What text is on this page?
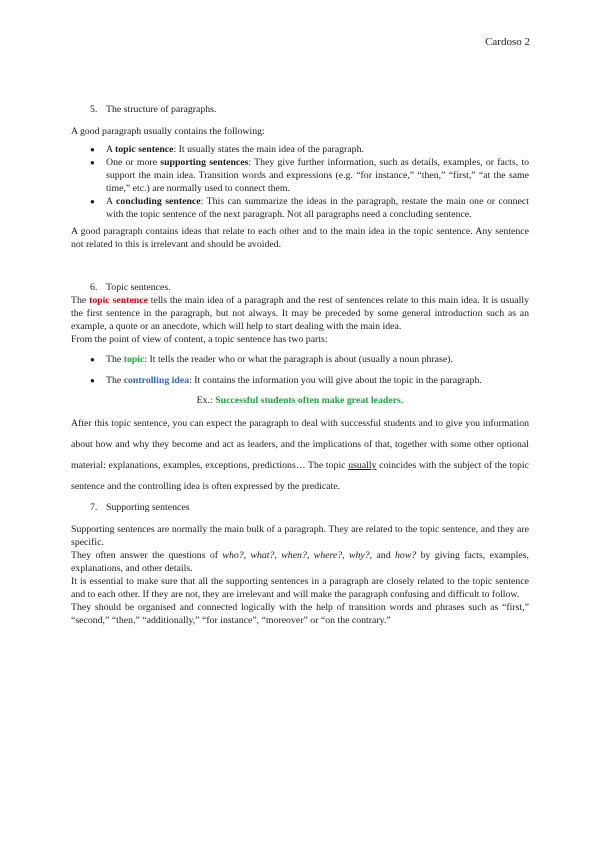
Cardoso 2

5. The structure of paragraphs.

A good paragraph usually contains the following:

● A topic sentence: It usually states the main idea of the paragraph.
● One or more supporting sentences: They give further information, such as details, examples, or facts, to support the main idea. Transition words and expressions (e.g. “for instance,” “then,” “first,” “at the same time,” etc.) are normally used to connect them.
● A concluding sentence: This can summarize the ideas in the paragraph, restate the main one or connect with the topic sentence of the next paragraph. Not all paragraphs need a concluding sentence.

A good paragraph contains ideas that relate to each other and to the main idea in the topic sentence. Any sentence not related to this is irrelevant and should be avoided.

6. Topic sentences.

The topic sentence tells the main idea of a paragraph and the rest of sentences relate to this main idea. It is usually the first sentence in the paragraph, but not always. It may be preceded by some general introduction such as an example, a quote or an anecdote, which will help to start dealing with the main idea.

From the point of view of content, a topic sentence has two parts:

● The topic: It tells the reader who or what the paragraph is about (usually a noun phrase).
● The controlling idea: It contains the information you will give about the topic in the paragraph.

Ex.: Successful students often make great leaders.

After this topic sentence, you can expect the paragraph to deal with successful students and to give you information about how and why they become and act as leaders, and the implications of that, together with some other optional material: explanations, examples, exceptions, predictions… The topic usually coincides with the subject of the topic sentence and the controlling idea is often expressed by the predicate.

7. Supporting sentences

Supporting sentences are normally the main bulk of a paragraph. They are related to the topic sentence, and they are specific.

They often answer the questions of who?, what?, when?, where?, why?, and how? by giving facts, examples, explanations, and other details.

It is essential to make sure that all the supporting sentences in a paragraph are closely related to the topic sentence and to each other. If they are not, they are irrelevant and will make the paragraph confusing and difficult to follow.

They should be organised and connected logically with the help of transition words and phrases such as “first,” “second,” “then,” “additionally,” “for instance”, “moreover” or “on the contrary.”
